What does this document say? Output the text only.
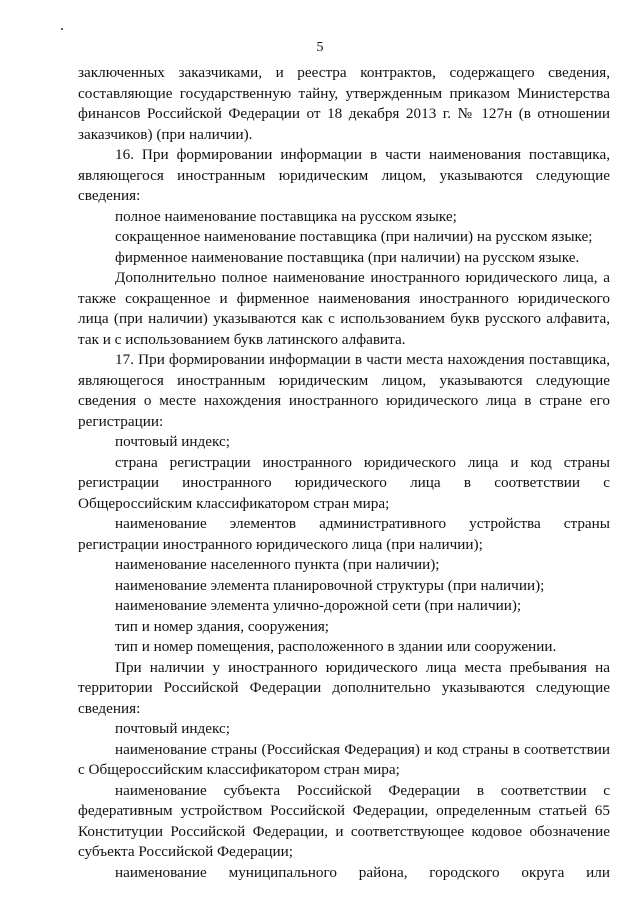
5

заключенных заказчиками, и реестра контрактов, содержащего сведения, составляющие государственную тайну, утвержденным приказом Министерства финансов Российской Федерации от 18 декабря 2013 г. № 127н (в отношении заказчиков) (при наличии).

16. При формировании информации в части наименования поставщика, являющегося иностранным юридическим лицом, указываются следующие сведения:

полное наименование поставщика на русском языке;

сокращенное наименование поставщика (при наличии) на русском языке;

фирменное наименование поставщика (при наличии) на русском языке.

Дополнительно полное наименование иностранного юридического лица, а также сокращенное и фирменное наименования иностранного юридического лица (при наличии) указываются как с использованием букв русского алфавита, так и с использованием букв латинского алфавита.

17. При формировании информации в части места нахождения поставщика, являющегося иностранным юридическим лицом, указываются следующие сведения о месте нахождения иностранного юридического лица в стране его регистрации:

почтовый индекс;

страна регистрации иностранного юридического лица и код страны регистрации иностранного юридического лица в соответствии с Общероссийским классификатором стран мира;

наименование элементов административного устройства страны регистрации иностранного юридического лица (при наличии);

наименование населенного пункта (при наличии);

наименование элемента планировочной структуры (при наличии);

наименование элемента улично-дорожной сети (при наличии);

тип и номер здания, сооружения;

тип и номер помещения, расположенного в здании или сооружении.

При наличии у иностранного юридического лица места пребывания на территории Российской Федерации дополнительно указываются следующие сведения:

почтовый индекс;

наименование страны (Российская Федерация) и код страны в соответствии с Общероссийским классификатором стран мира;

наименование субъекта Российской Федерации в соответствии с федеративным устройством Российской Федерации, определенным статьей 65 Конституции Российской Федерации, и соответствующее кодовое обозначение субъекта Российской Федерации;

наименование муниципального района, городского округа или
